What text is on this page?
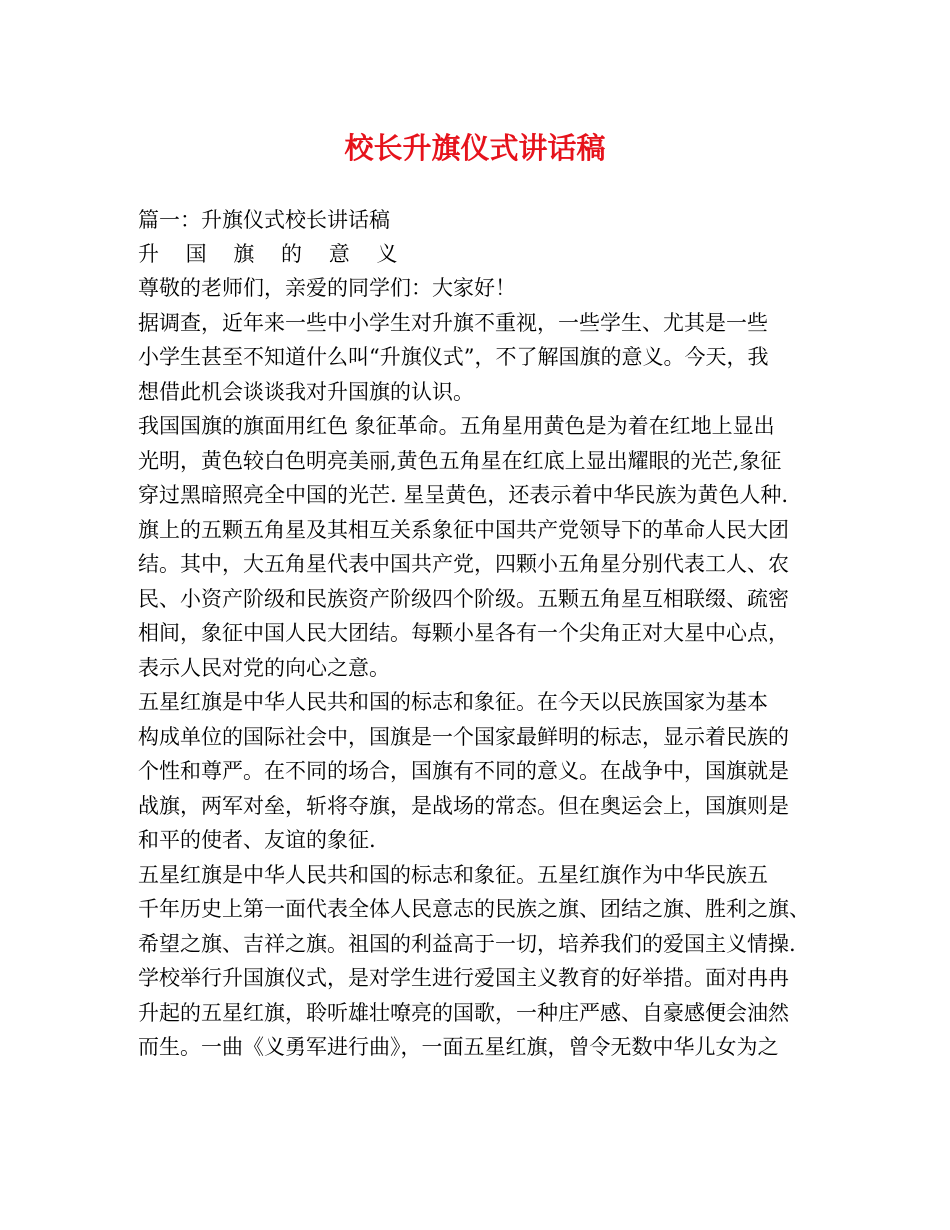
校长升旗仪式讲话稿
篇一：升旗仪式校长讲话稿
升 国 旗 的 意 义
尊敬的老师们，亲爱的同学们：大家好！
据调查，近年来一些中小学生对升旗不重视，一些学生、尤其是一些
小学生甚至不知道什么叫“升旗仪式”，不了解国旗的意义。今天，我
想借此机会谈谈我对升国旗的认识。
我国国旗的旗面用红色 象征革命。五角星用黄色是为着在红地上显出
光明，黄色较白色明亮美丽,黄色五角星在红底上显出耀眼的光芒,象征
穿过黑暗照亮全中国的光芒. 星呈黄色，还表示着中华民族为黄色人种.
旗上的五颗五角星及其相互关系象征中国共产党领导下的革命人民大团
结。其中，大五角星代表中国共产党，四颗小五角星分别代表工人、农
民、小资产阶级和民族资产阶级四个阶级。五颗五角星互相联缀、疏密
相间，象征中国人民大团结。每颗小星各有一个尖角正对大星中心点，
表示人民对党的向心之意。
五星红旗是中华人民共和国的标志和象征。在今天以民族国家为基本
构成单位的国际社会中，国旗是一个国家最鲜明的标志，显示着民族的
个性和尊严。在不同的场合，国旗有不同的意义。在战争中，国旗就是
战旗，两军对垒，斩将夺旗，是战场的常态。但在奥运会上，国旗则是
和平的使者、友谊的象征.
五星红旗是中华人民共和国的标志和象征。五星红旗作为中华民族五
千年历史上第一面代表全体人民意志的民族之旗、团结之旗、胜利之旗、
希望之旗、吉祥之旗。祖国的利益高于一切，培养我们的爱国主义情操.
学校举行升国旗仪式，是对学生进行爱国主义教育的好举措。面对冉冉
升起的五星红旗，聆听雄壮嘹亮的国歌，一种庄严感、自豪感便会油然
而生。一曲《义勇军进行曲》，一面五星红旗，曾令无数中华儿女为之
